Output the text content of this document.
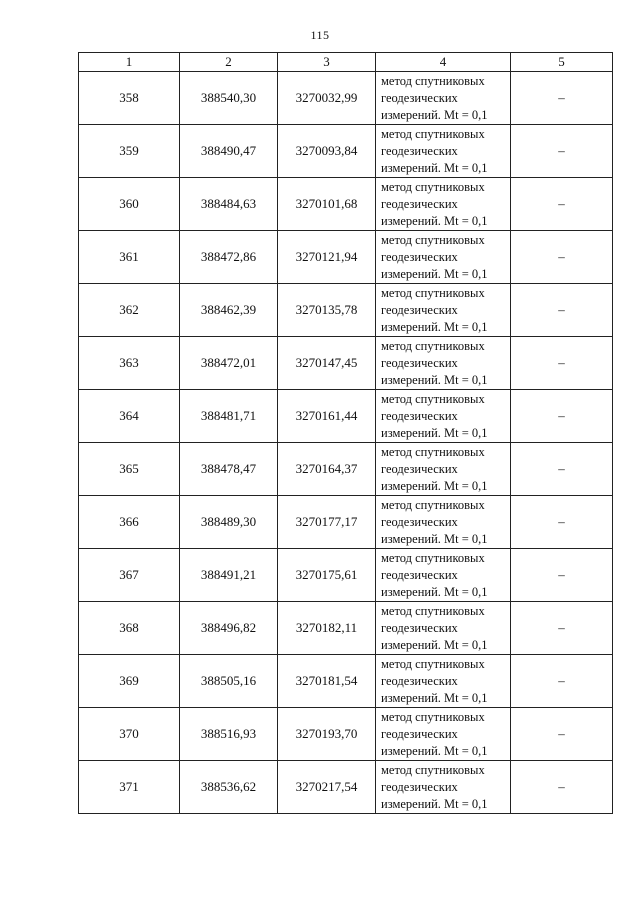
115
1	2	3	4	5
358	388540,30	3270032,99	метод спутниковых
геодезических
измерений. Mt = 0,1	–
359	388490,47	3270093,84	метод спутниковых
геодезических
измерений. Mt = 0,1	–
360	388484,63	3270101,68	метод спутниковых
геодезических
измерений. Mt = 0,1	–
361	388472,86	3270121,94	метод спутниковых
геодезических
измерений. Mt = 0,1	–
362	388462,39	3270135,78	метод спутниковых
геодезических
измерений. Mt = 0,1	–
363	388472,01	3270147,45	метод спутниковых
геодезических
измерений. Mt = 0,1	–
364	388481,71	3270161,44	метод спутниковых
геодезических
измерений. Mt = 0,1	–
365	388478,47	3270164,37	метод спутниковых
геодезических
измерений. Mt = 0,1	–
366	388489,30	3270177,17	метод спутниковых
геодезических
измерений. Mt = 0,1	–
367	388491,21	3270175,61	метод спутниковых
геодезических
измерений. Mt = 0,1	–
368	388496,82	3270182,11	метод спутниковых
геодезических
измерений. Mt = 0,1	–
369	388505,16	3270181,54	метод спутниковых
геодезических
измерений. Mt = 0,1	–
370	388516,93	3270193,70	метод спутниковых
геодезических
измерений. Mt = 0,1	–
371	388536,62	3270217,54	метод спутниковых
геодезических
измерений. Mt = 0,1	–
